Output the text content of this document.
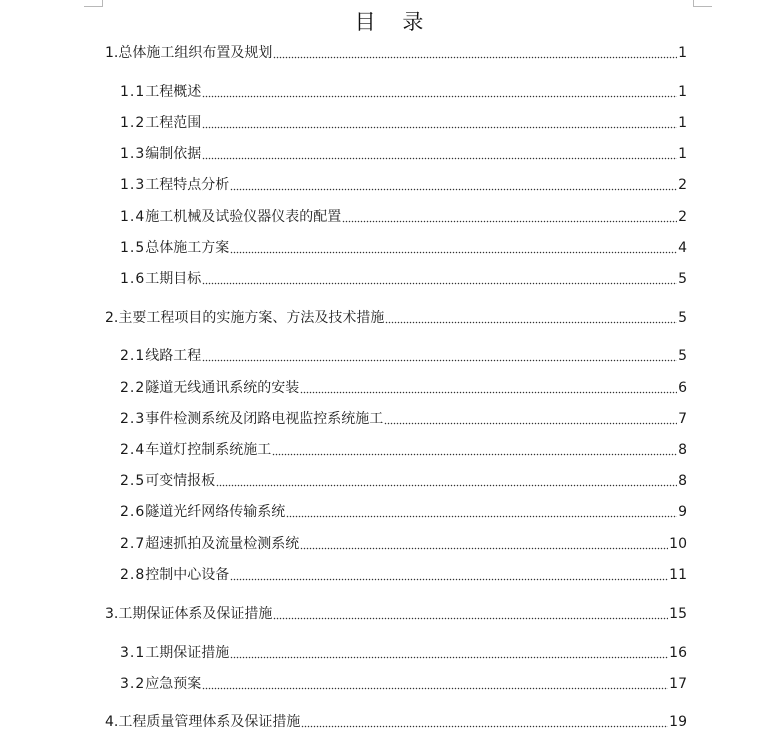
目 录
1. 总体施工组织布置及规划	1
1.1 工程概述	1
1.2 工程范围	1
1.3 编制依据	1
1.3 工程特点分析	2
1.4 施工机械及试验仪器仪表的配置	2
1.5 总体施工方案	4
1.6 工期目标	5
2. 主要工程项目的实施方案、方法及技术措施	5
2.1 线路工程	5
2.2 隧道无线通讯系统的安装	6
2.3 事件检测系统及闭路电视监控系统施工	7
2.4 车道灯控制系统施工	8
2.5 可变情报板	8
2.6 隧道光纤网络传输系统	9
2.7 超速抓拍及流量检测系统	10
2.8 控制中心设备	11
3. 工期保证体系及保证措施	15
3.1 工期保证措施	16
3.2 应急预案	17
4. 工程质量管理体系及保证措施	19
